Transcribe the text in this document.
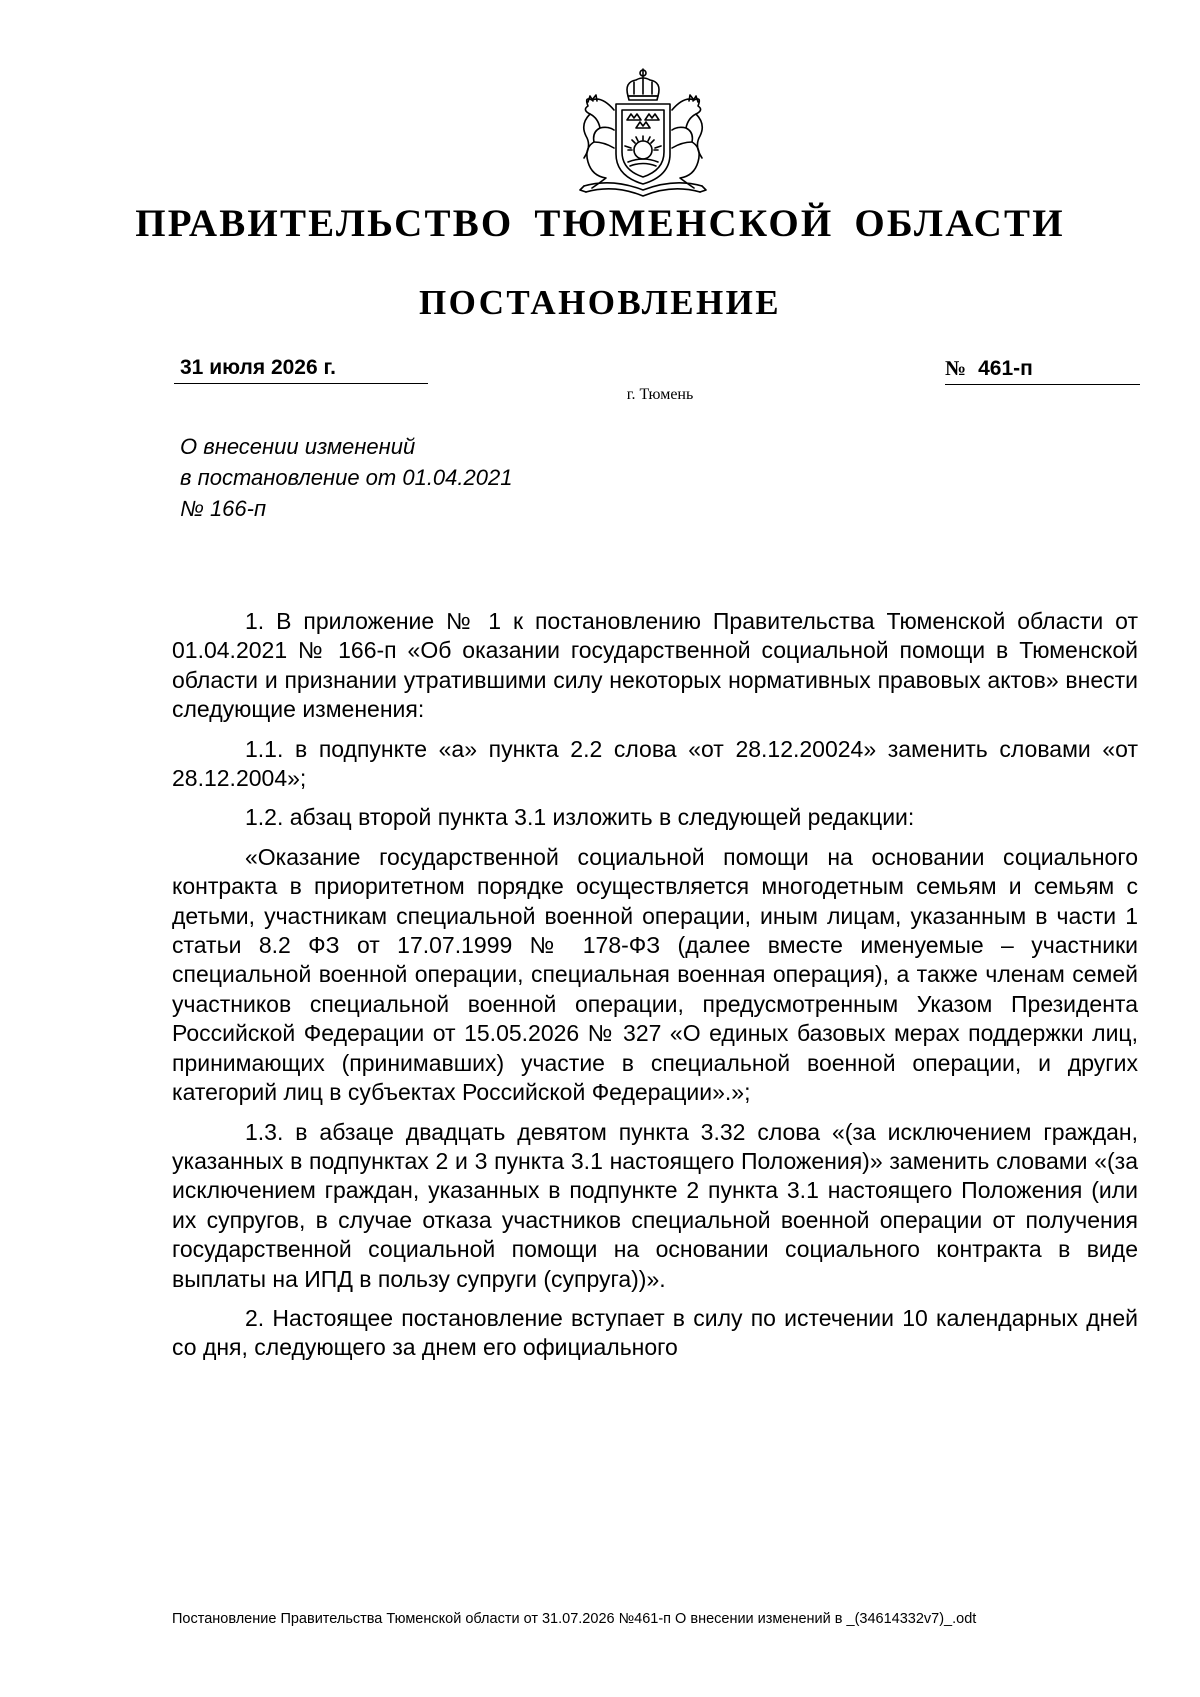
ПРАВИТЕЛЬСТВО ТЮМЕНСКОЙ ОБЛАСТИ
ПОСТАНОВЛЕНИЕ
31 июля 2026 г.	№ 461-п
г. Тюмень
О внесении изменений
в постановление от 01.04.2021
№ 166-п

1. В приложение № 1 к постановлению Правительства Тюменской области от 01.04.2021 № 166-п «Об оказании государственной социальной помощи в Тюменской области и признании утратившими силу некоторых нормативных правовых актов» внести следующие изменения:

1.1. в подпункте «а» пункта 2.2 слова «от 28.12.20024» заменить словами «от 28.12.2004»;

1.2. абзац второй пункта 3.1 изложить в следующей редакции:

«Оказание государственной социальной помощи на основании социального контракта в приоритетном порядке осуществляется многодетным семьям и семьям с детьми, участникам специальной военной операции, иным лицам, указанным в части 1 статьи 8.2 ФЗ от 17.07.1999 № 178-ФЗ (далее вместе именуемые – участники специальной военной операции, специальная военная операция), а также членам семей участников специальной военной операции, предусмотренным Указом Президента Российской Федерации от 15.05.2026 № 327 «О единых базовых мерах поддержки лиц, принимающих (принимавших) участие в специальной военной операции, и других категорий лиц в субъектах Российской Федерации».»;

1.3. в абзаце двадцать девятом пункта 3.32 слова «(за исключением граждан, указанных в подпунктах 2 и 3 пункта 3.1 настоящего Положения)» заменить словами «(за исключением граждан, указанных в подпункте 2 пункта 3.1 настоящего Положения (или их супругов, в случае отказа участников специальной военной операции от получения государственной социальной помощи на основании социального контракта в виде выплаты на ИПД в пользу супруги (супруга))».

2. Настоящее постановление вступает в силу по истечении 10 календарных дней со дня, следующего за днем его официального

Постановление Правительства Тюменской области от 31.07.2026 №461-п О внесении изменений в _(34614332v7)_.odt
